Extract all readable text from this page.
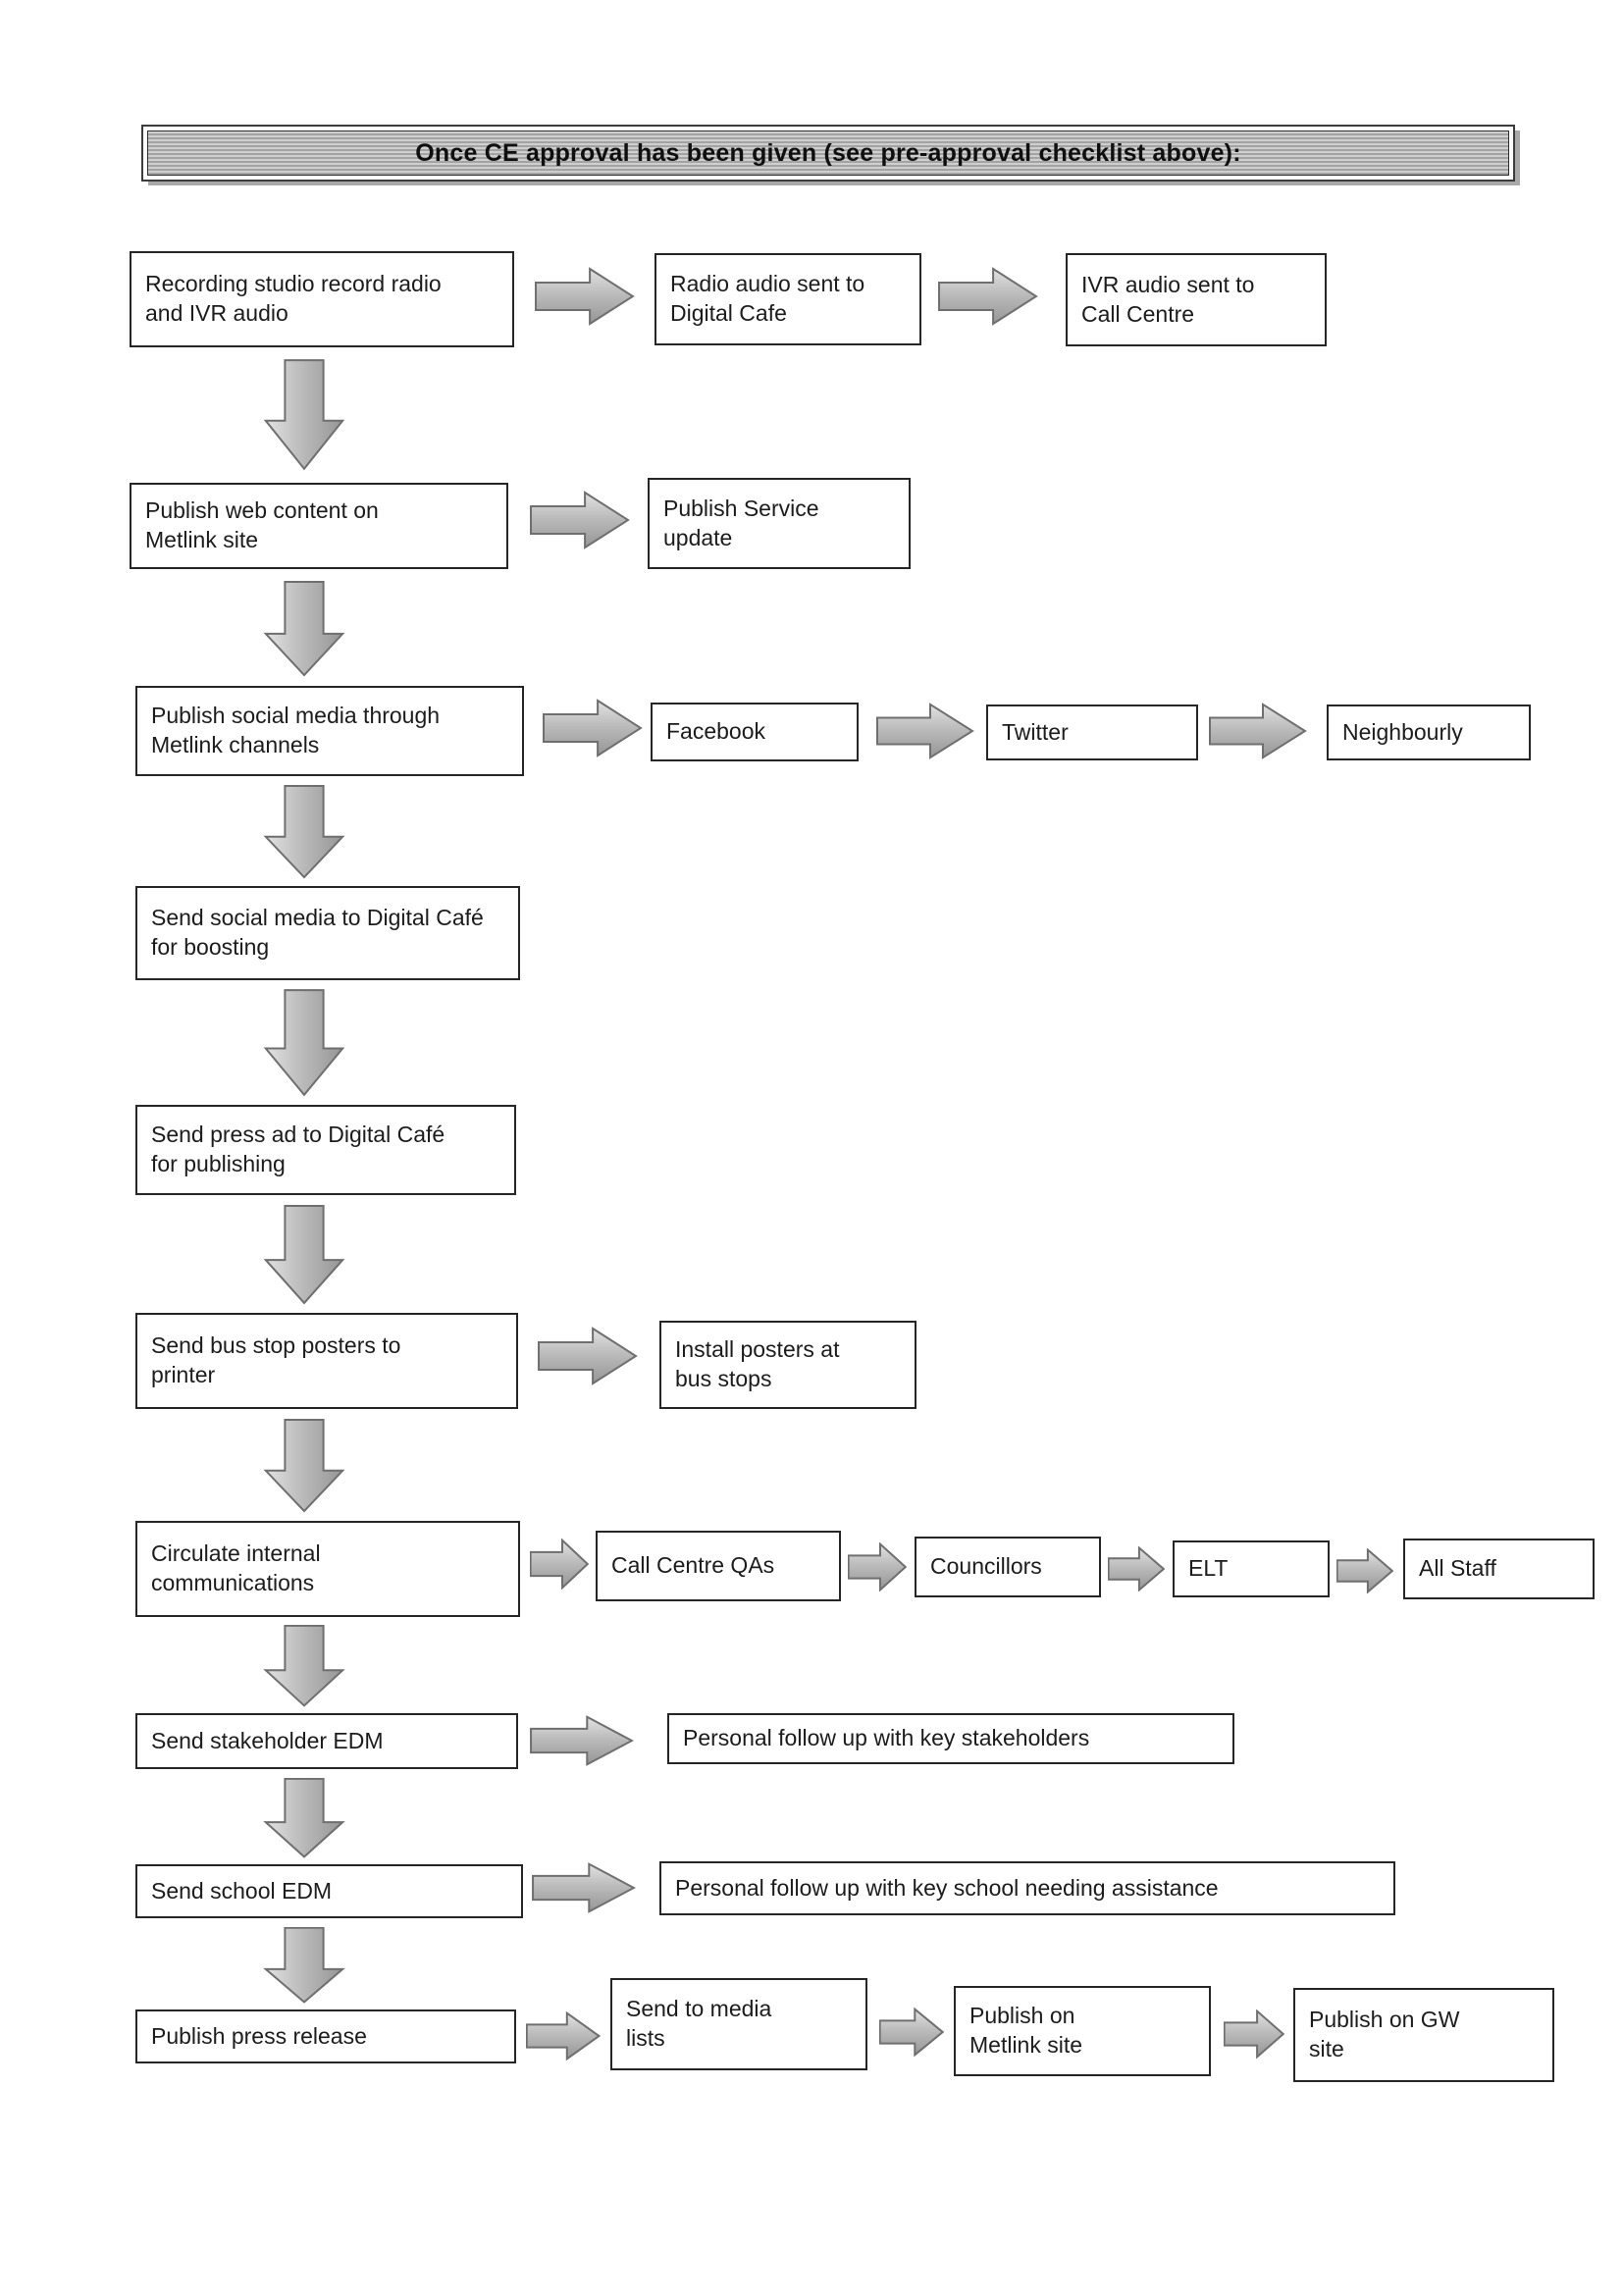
Once CE approval has been given (see pre-approval checklist above):
Recording studio record radio and IVR audio
Radio audio sent to Digital Cafe
IVR audio sent to Call Centre
Publish web content on Metlink site
Publish Service update
Publish social media through Metlink channels
Facebook	Twitter	Neighbourly
Send social media to Digital Café for boosting
Send press ad to Digital Café for publishing
Send bus stop posters to printer
Install posters at bus stops
Circulate internal communications
Call Centre QAs	Councillors	ELT	All Staff
Send stakeholder EDM	Personal follow up with key stakeholders
Send school EDM	Personal follow up with key school needing assistance
Publish press release
Send to media lists
Publish on Metlink site
Publish on GW site
